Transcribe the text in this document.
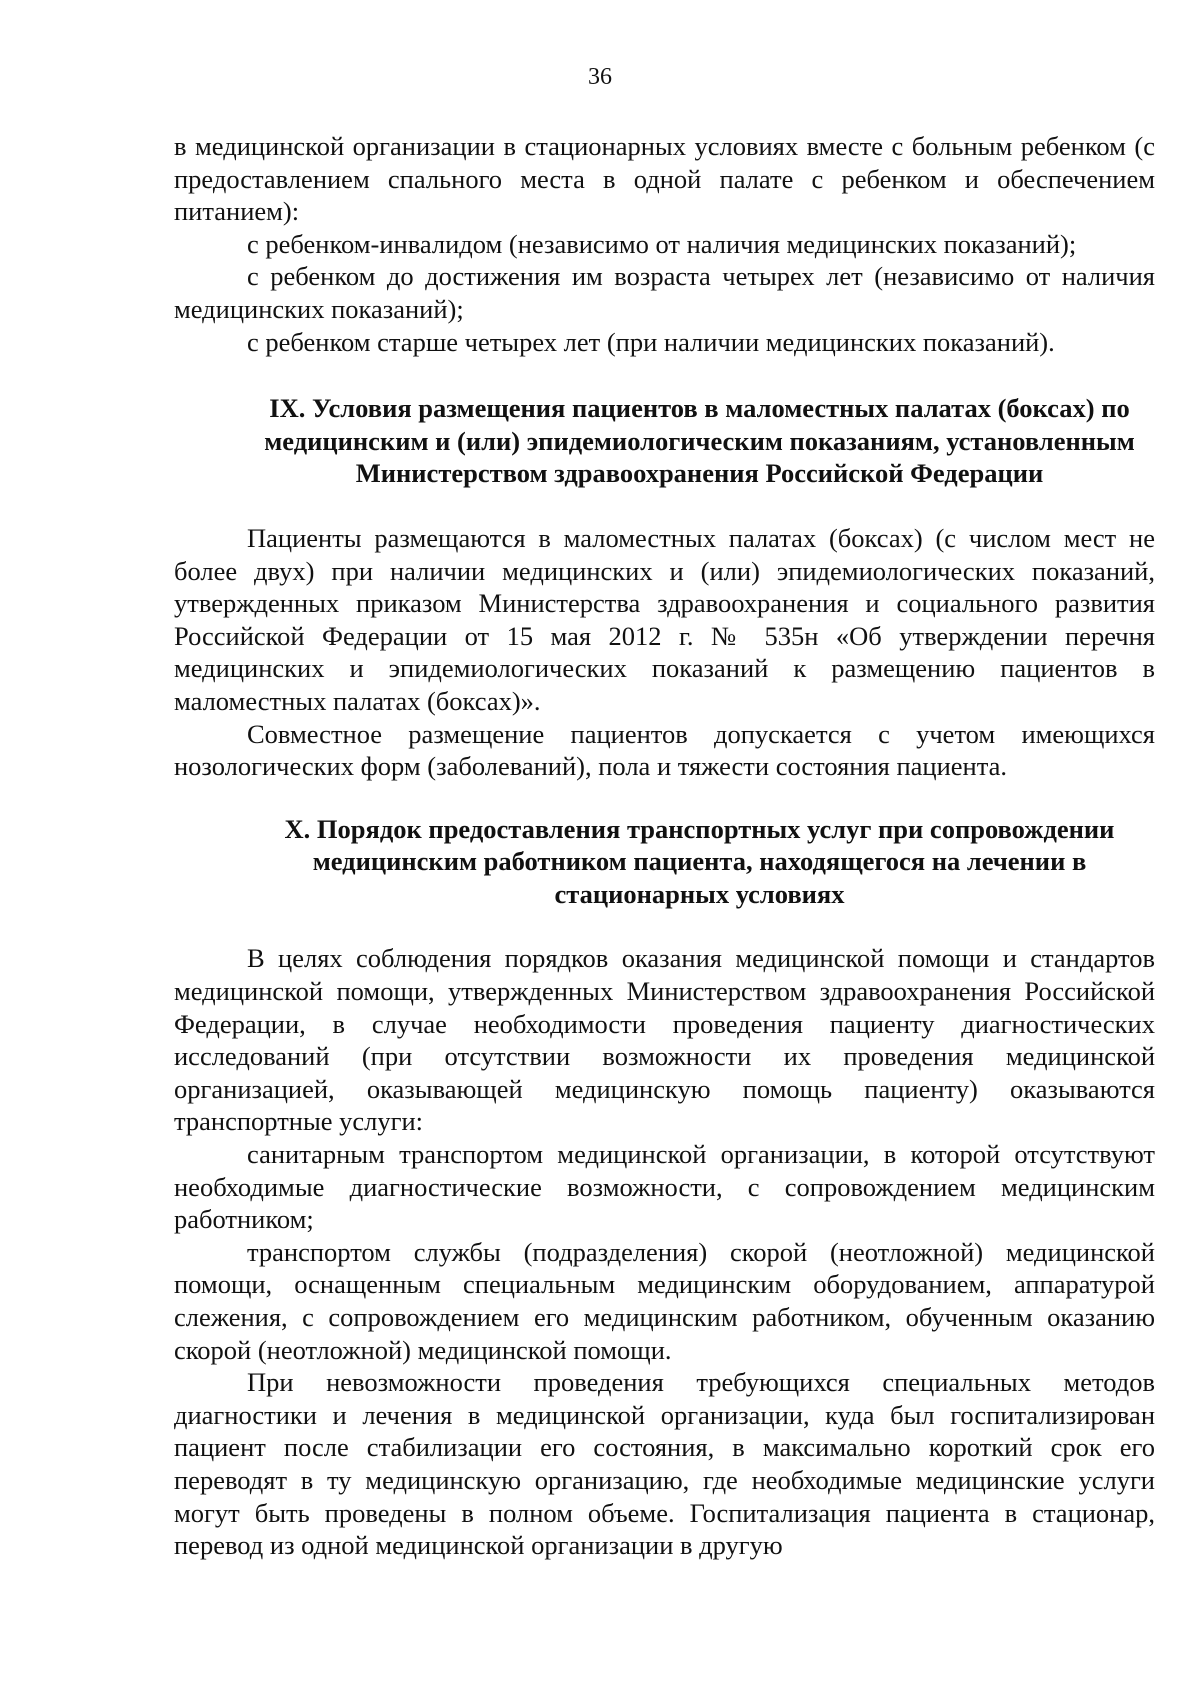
36

в медицинской организации в стационарных условиях вместе с больным ребенком (с предоставлением спального места в одной палате с ребенком и обеспечением питанием):

с ребенком-инвалидом (независимо от наличия медицинских показаний);

с ребенком до достижения им возраста четырех лет (независимо от наличия медицинских показаний);

с ребенком старше четырех лет (при наличии медицинских показаний).

IX. Условия размещения пациентов в маломестных палатах (боксах) по медицинским и (или) эпидемиологическим показаниям, установленным Министерством здравоохранения Российской Федерации

Пациенты размещаются в маломестных палатах (боксах) (с числом мест не более двух) при наличии медицинских и (или) эпидемиологических показаний, утвержденных приказом Министерства здравоохранения и социального развития Российской Федерации от 15 мая 2012 г. № 535н «Об утверждении перечня медицинских и эпидемиологических показаний к размещению пациентов в маломестных палатах (боксах)».

Совместное размещение пациентов допускается с учетом имеющихся нозологических форм (заболеваний), пола и тяжести состояния пациента.

X. Порядок предоставления транспортных услуг при сопровождении медицинским работником пациента, находящегося на лечении в стационарных условиях

В целях соблюдения порядков оказания медицинской помощи и стандартов медицинской помощи, утвержденных Министерством здравоохранения Российской Федерации, в случае необходимости проведения пациенту диагностических исследований (при отсутствии возможности их проведения медицинской организацией, оказывающей медицинскую помощь пациенту) оказываются транспортные услуги:

санитарным транспортом медицинской организации, в которой отсутствуют необходимые диагностические возможности, с сопровождением медицинским работником;

транспортом службы (подразделения) скорой (неотложной) медицинской помощи, оснащенным специальным медицинским оборудованием, аппаратурой слежения, с сопровождением его медицинским работником, обученным оказанию скорой (неотложной) медицинской помощи.

При невозможности проведения требующихся специальных методов диагностики и лечения в медицинской организации, куда был госпитализирован пациент после стабилизации его состояния, в максимально короткий срок его переводят в ту медицинскую организацию, где необходимые медицинские услуги могут быть проведены в полном объеме. Госпитализация пациента в стационар, перевод из одной медицинской организации в другую
